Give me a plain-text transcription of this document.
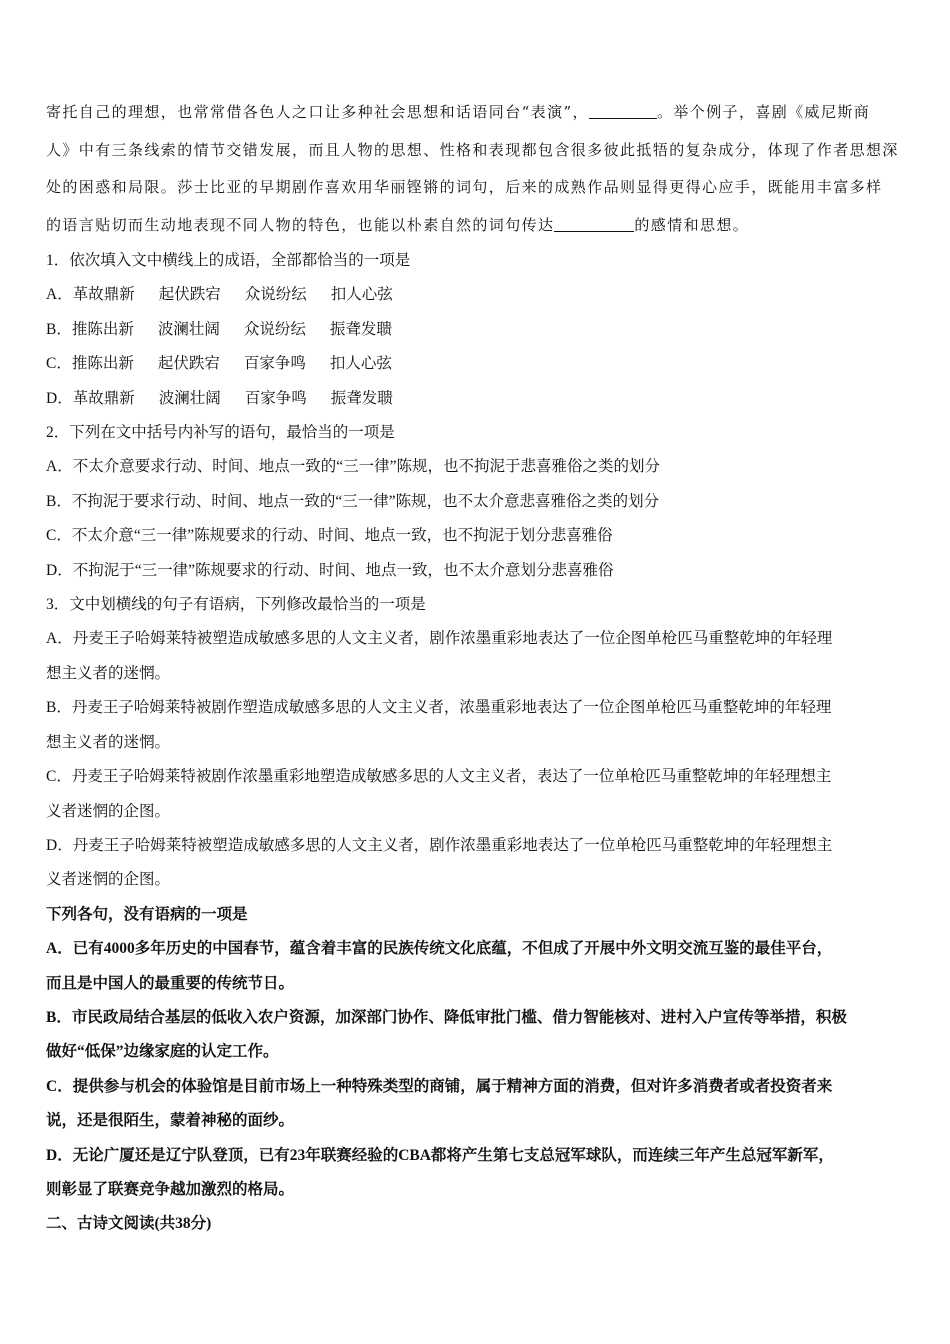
寄托自己的理想，也常常借各色人之口让多种社会思想和话语同台“表演”，	。举个例子，喜剧《威尼斯商

人》中有三条线索的情节交错发展，而且人物的思想、性格和表现都包含很多彼此抵牾的复杂成分，体现了作者思想深

处的困惑和局限。莎士比亚的早期剧作喜欢用华丽铿锵的词句，后来的成熟作品则显得更得心应手，既能用丰富多样

的语言贴切而生动地表现不同人物的特色，也能以朴素自然的词句传达	的感情和思想。

1．依次填入文中横线上的成语，全部都恰当的一项是

A．革故鼎新 起伏跌宕 众说纷纭 扣人心弦

B．推陈出新 波澜壮阔 众说纷纭 振聋发聩

C．推陈出新 起伏跌宕 百家争鸣 扣人心弦

D．革故鼎新 波澜壮阔 百家争鸣 振聋发聩

2．下列在文中括号内补写的语句，最恰当的一项是

A．不太介意要求行动、时间、地点一致的“三一律”陈规，也不拘泥于悲喜雅俗之类的划分

B．不拘泥于要求行动、时间、地点一致的“三一律”陈规，也不太介意悲喜雅俗之类的划分

C．不太介意“三一律”陈规要求的行动、时间、地点一致，也不拘泥于划分悲喜雅俗

D．不拘泥于“三一律”陈规要求的行动、时间、地点一致，也不太介意划分悲喜雅俗

3．文中划横线的句子有语病，下列修改最恰当的一项是

A．丹麦王子哈姆莱特被塑造成敏感多思的人文主义者，剧作浓墨重彩地表达了一位企图单枪匹马重整乾坤的年轻理

想主义者的迷惘。

B．丹麦王子哈姆莱特被剧作塑造成敏感多思的人文主义者，浓墨重彩地表达了一位企图单枪匹马重整乾坤的年轻理

想主义者的迷惘。

C．丹麦王子哈姆莱特被剧作浓墨重彩地塑造成敏感多思的人文主义者，表达了一位单枪匹马重整乾坤的年轻理想主

义者迷惘的企图。

D．丹麦王子哈姆莱特被塑造成敏感多思的人文主义者，剧作浓墨重彩地表达了一位单枪匹马重整乾坤的年轻理想主

义者迷惘的企图。

下列各句，没有语病的一项是

A．已有4000多年历史的中国春节，蕴含着丰富的民族传统文化底蕴，不但成了开展中外文明交流互鉴的最佳平台，

而且是中国人的最重要的传统节日。

B．市民政局结合基层的低收入农户资源，加深部门协作、降低审批门槛、借力智能核对、进村入户宣传等举措，积极

做好“低保”边缘家庭的认定工作。

C．提供参与机会的体验馆是目前市场上一种特殊类型的商铺，属于精神方面的消费，但对许多消费者或者投资者来

说，还是很陌生，蒙着神秘的面纱。

D．无论广厦还是辽宁队登顶，已有23年联赛经验的CBA都将产生第七支总冠军球队，而连续三年产生总冠军新军，

则彰显了联赛竞争越加激烈的格局。

二、古诗文阅读(共38分)
